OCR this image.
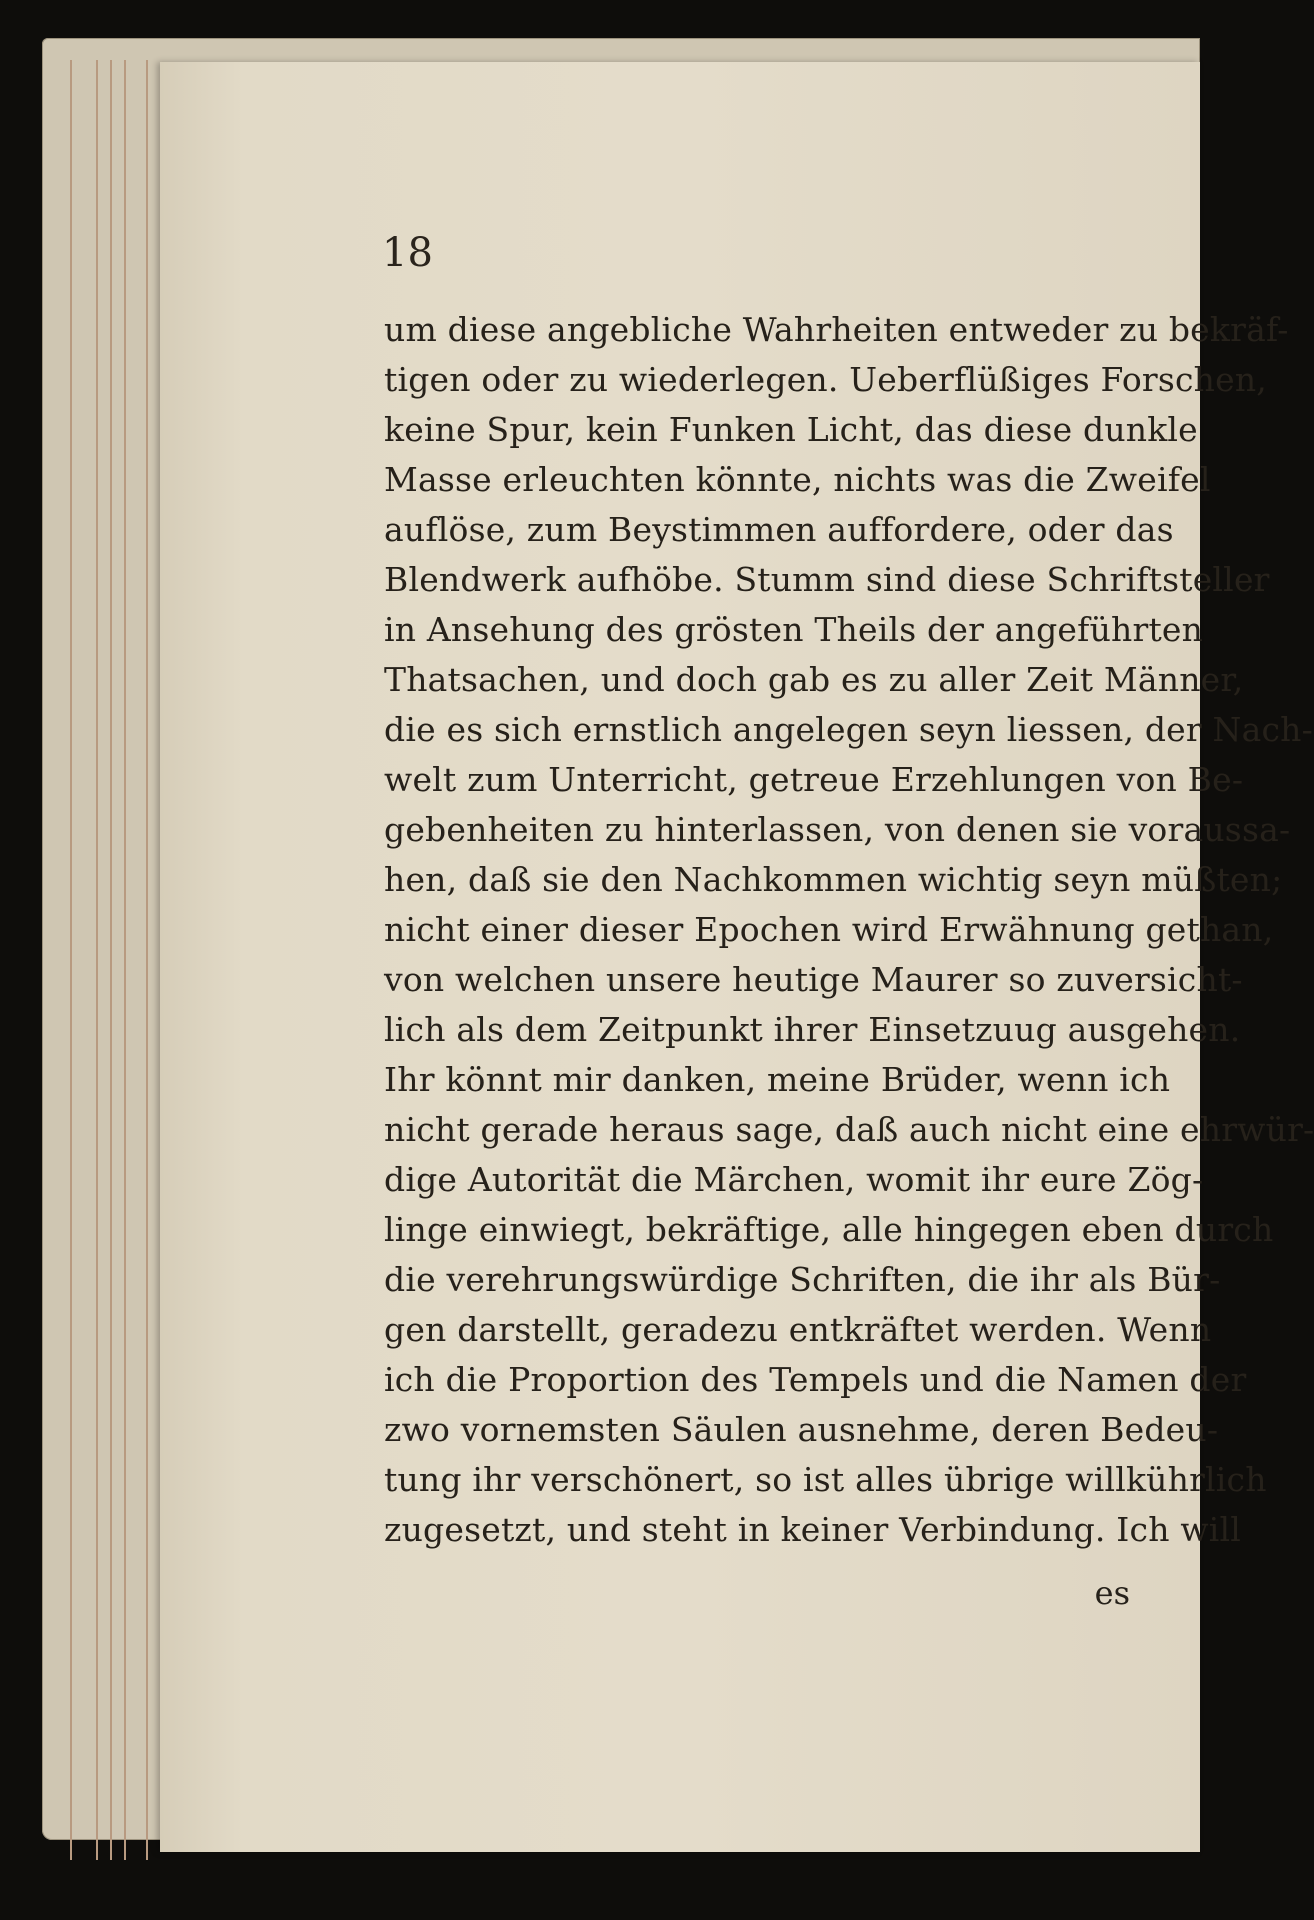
18
um diese angebliche Wahrheiten entweder zu bekräf-
tigen oder zu wiederlegen. Ueberflüßiges Forschen,
keine Spur, kein Funken Licht, das diese dunkle
Masse erleuchten könnte, nichts was die Zweifel
auflöse, zum Beystimmen auffordere, oder das
Blendwerk aufhöbe. Stumm sind diese Schriftsteller
in Ansehung des grösten Theils der angeführten
Thatsachen, und doch gab es zu aller Zeit Männer,
die es sich ernstlich angelegen seyn liessen, der Nach-
welt zum Unterricht, getreue Erzehlungen von Be-
gebenheiten zu hinterlassen, von denen sie voraussa-
hen, daß sie den Nachkommen wichtig seyn müßten;
nicht einer dieser Epochen wird Erwähnung gethan,
von welchen unsere heutige Maurer so zuversicht-
lich als dem Zeitpunkt ihrer Einsetzuug ausgehen.
Ihr könnt mir danken, meine Brüder, wenn ich
nicht gerade heraus sage, daß auch nicht eine ehrwür-
dige Autorität die Märchen, womit ihr eure Zög-
linge einwiegt, bekräftige, alle hingegen eben durch
die verehrungswürdige Schriften, die ihr als Bür-
gen darstellt, geradezu entkräftet werden. Wenn
ich die Proportion des Tempels und die Namen der
zwo vornemsten Säulen ausnehme, deren Bedeu-
tung ihr verschönert, so ist alles übrige willkührlich
zugesetzt, und steht in keiner Verbindung. Ich will
es
